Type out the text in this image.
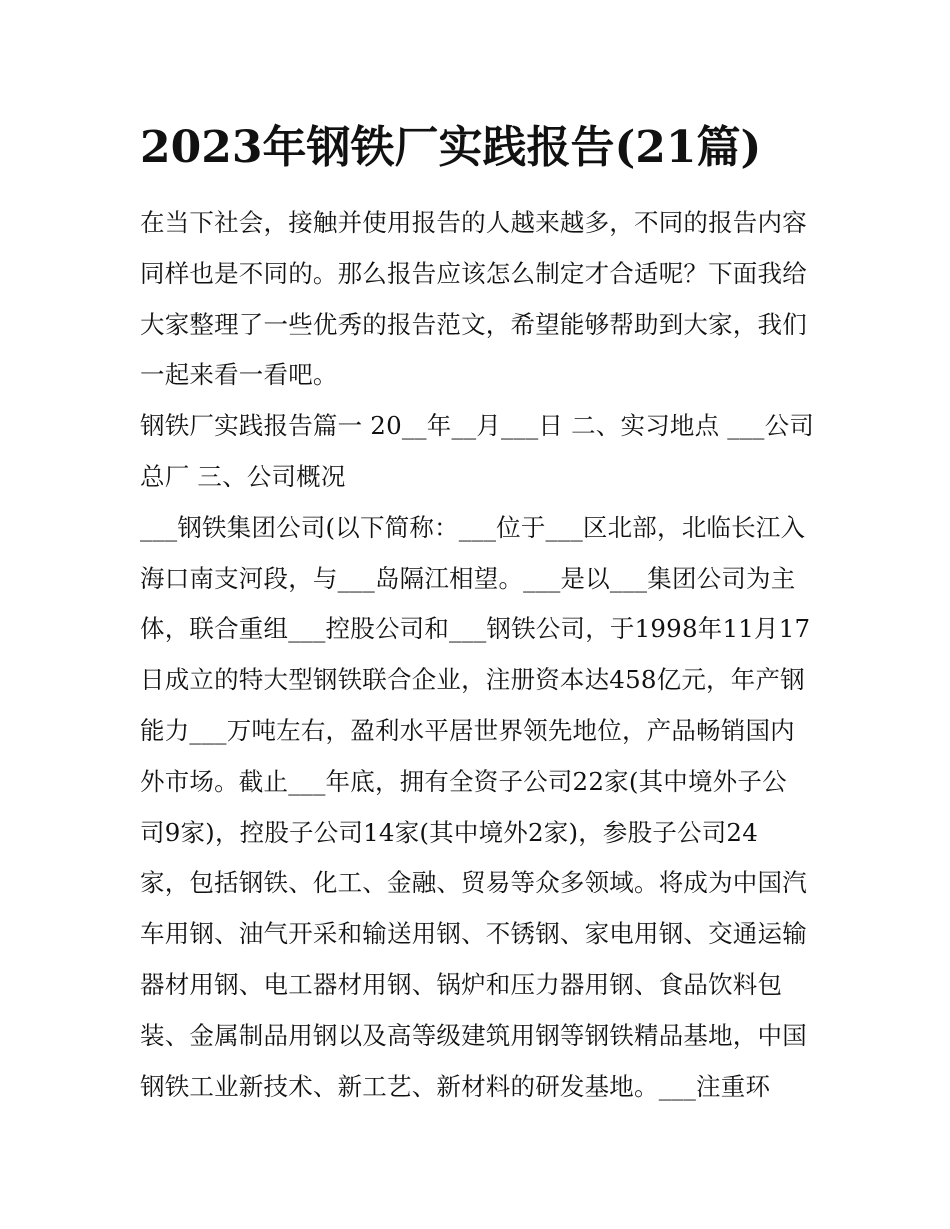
2023年钢铁厂实践报告(21篇)
在当下社会，接触并使用报告的人越来越多，不同的报告内容
同样也是不同的。那么报告应该怎么制定才合适呢？下面我给
大家整理了一些优秀的报告范文，希望能够帮助到大家，我们
一起来看一看吧。
钢铁厂实践报告篇一 20__年__月___日 二、实习地点 ___公司
总厂 三、公司概况
___钢铁集团公司(以下简称：___位于___区北部，北临长江入
海口南支河段，与___岛隔江相望。___是以___集团公司为主
体，联合重组___控股公司和___钢铁公司，于1998年11月17
日成立的特大型钢铁联合企业，注册资本达458亿元，年产钢
能力___万吨左右，盈利水平居世界领先地位，产品畅销国内
外市场。截止___年底，拥有全资子公司22家(其中境外子公
司9家)，控股子公司14家(其中境外2家)，参股子公司24
家，包括钢铁、化工、金融、贸易等众多领域。将成为中国汽
车用钢、油气开采和输送用钢、不锈钢、家电用钢、交通运输
器材用钢、电工器材用钢、锅炉和压力器用钢、食品饮料包
装、金属制品用钢以及高等级建筑用钢等钢铁精品基地，中国
钢铁工业新技术、新工艺、新材料的研发基地。___注重环
